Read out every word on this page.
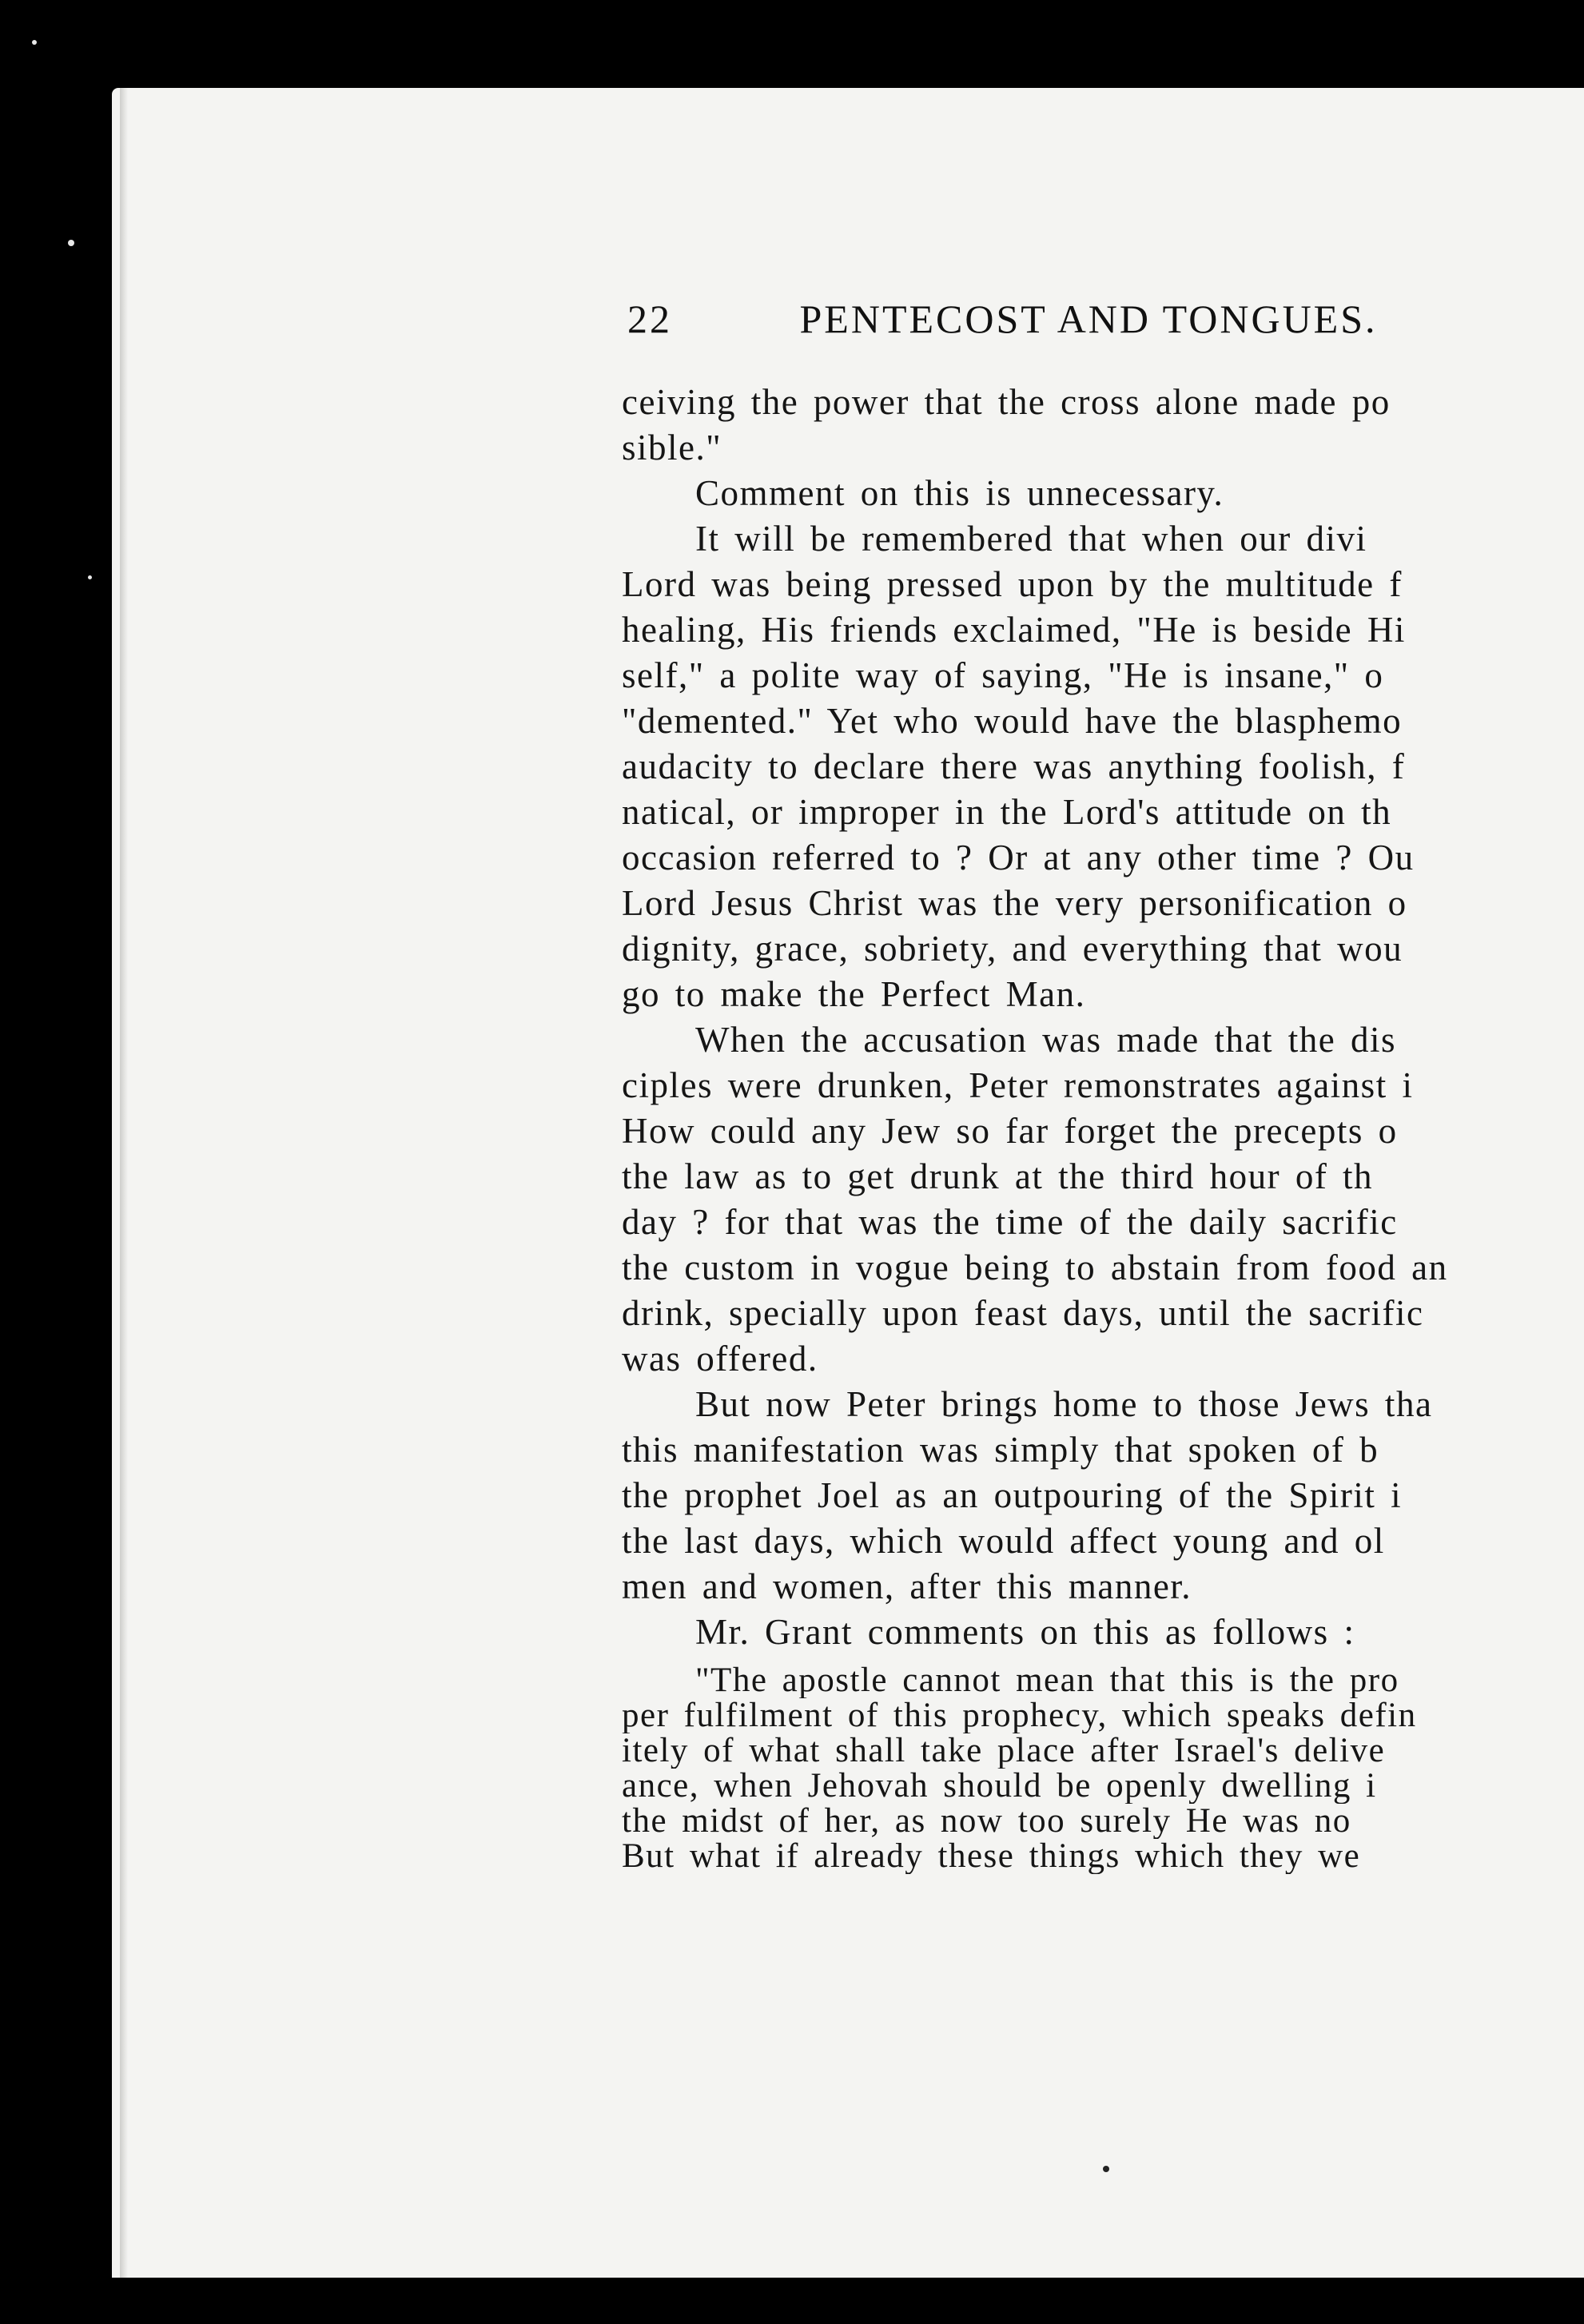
22	PENTECOST AND TONGUES.
ceiving the power that the cross alone made po
sible."
Comment on this is unnecessary.
It will be remembered that when our divi
Lord was being pressed upon by the multitude f
healing, His friends exclaimed, "He is beside Hi
self," a polite way of saying, "He is insane," o
"demented." Yet who would have the blasphemo
audacity to declare there was anything foolish, f
natical, or improper in the Lord's attitude on th
occasion referred to ? Or at any other time ? Ou
Lord Jesus Christ was the very personification o
dignity, grace, sobriety, and everything that wou
go to make the Perfect Man.
When the accusation was made that the dis
ciples were drunken, Peter remonstrates against i
How could any Jew so far forget the precepts o
the law as to get drunk at the third hour of th
day ? for that was the time of the daily sacrific
the custom in vogue being to abstain from food an
drink, specially upon feast days, until the sacrific
was offered.
But now Peter brings home to those Jews tha
this manifestation was simply that spoken of b
the prophet Joel as an outpouring of the Spirit i
the last days, which would affect young and ol
men and women, after this manner.
Mr. Grant comments on this as follows :
"The apostle cannot mean that this is the pro
per fulfilment of this prophecy, which speaks defin
itely of what shall take place after Israel's delive
ance, when Jehovah should be openly dwelling i
the midst of her, as now too surely He was no
But what if already these things which they we
